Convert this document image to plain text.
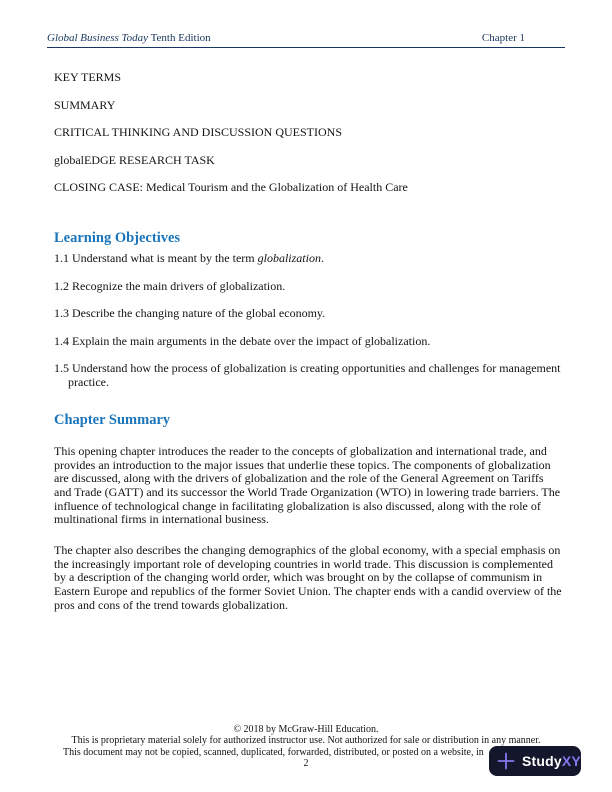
Global Business Today Tenth Edition	Chapter 1
KEY TERMS
SUMMARY
CRITICAL THINKING AND DISCUSSION QUESTIONS
globalEDGE RESEARCH TASK
CLOSING CASE: Medical Tourism and the Globalization of Health Care
Learning Objectives
1.1 Understand what is meant by the term globalization.
1.2 Recognize the main drivers of globalization.
1.3 Describe the changing nature of the global economy.
1.4 Explain the main arguments in the debate over the impact of globalization.
1.5 Understand how the process of globalization is creating opportunities and challenges for management practice.
Chapter Summary

This opening chapter introduces the reader to the concepts of globalization and international trade, and provides an introduction to the major issues that underlie these topics. The components of globalization are discussed, along with the drivers of globalization and the role of the General Agreement on Tariffs and Trade (GATT) and its successor the World Trade Organization (WTO) in lowering trade barriers. The influence of technological change in facilitating globalization is also discussed, along with the role of multinational firms in international business.

The chapter also describes the changing demographics of the global economy, with a special emphasis on the increasingly important role of developing countries in world trade. This discussion is complemented by a description of the changing world order, which was brought on by the collapse of communism in Eastern Europe and republics of the former Soviet Union. The chapter ends with a candid overview of the pros and cons of the trend towards globalization.

© 2018 by McGraw-Hill Education.
This is proprietary material solely for authorized instructor use. Not authorized for sale or distribution in any manner.
This document may not be copied, scanned, duplicated, forwarded, distributed, or posted on a website, in
2	StudyXY
